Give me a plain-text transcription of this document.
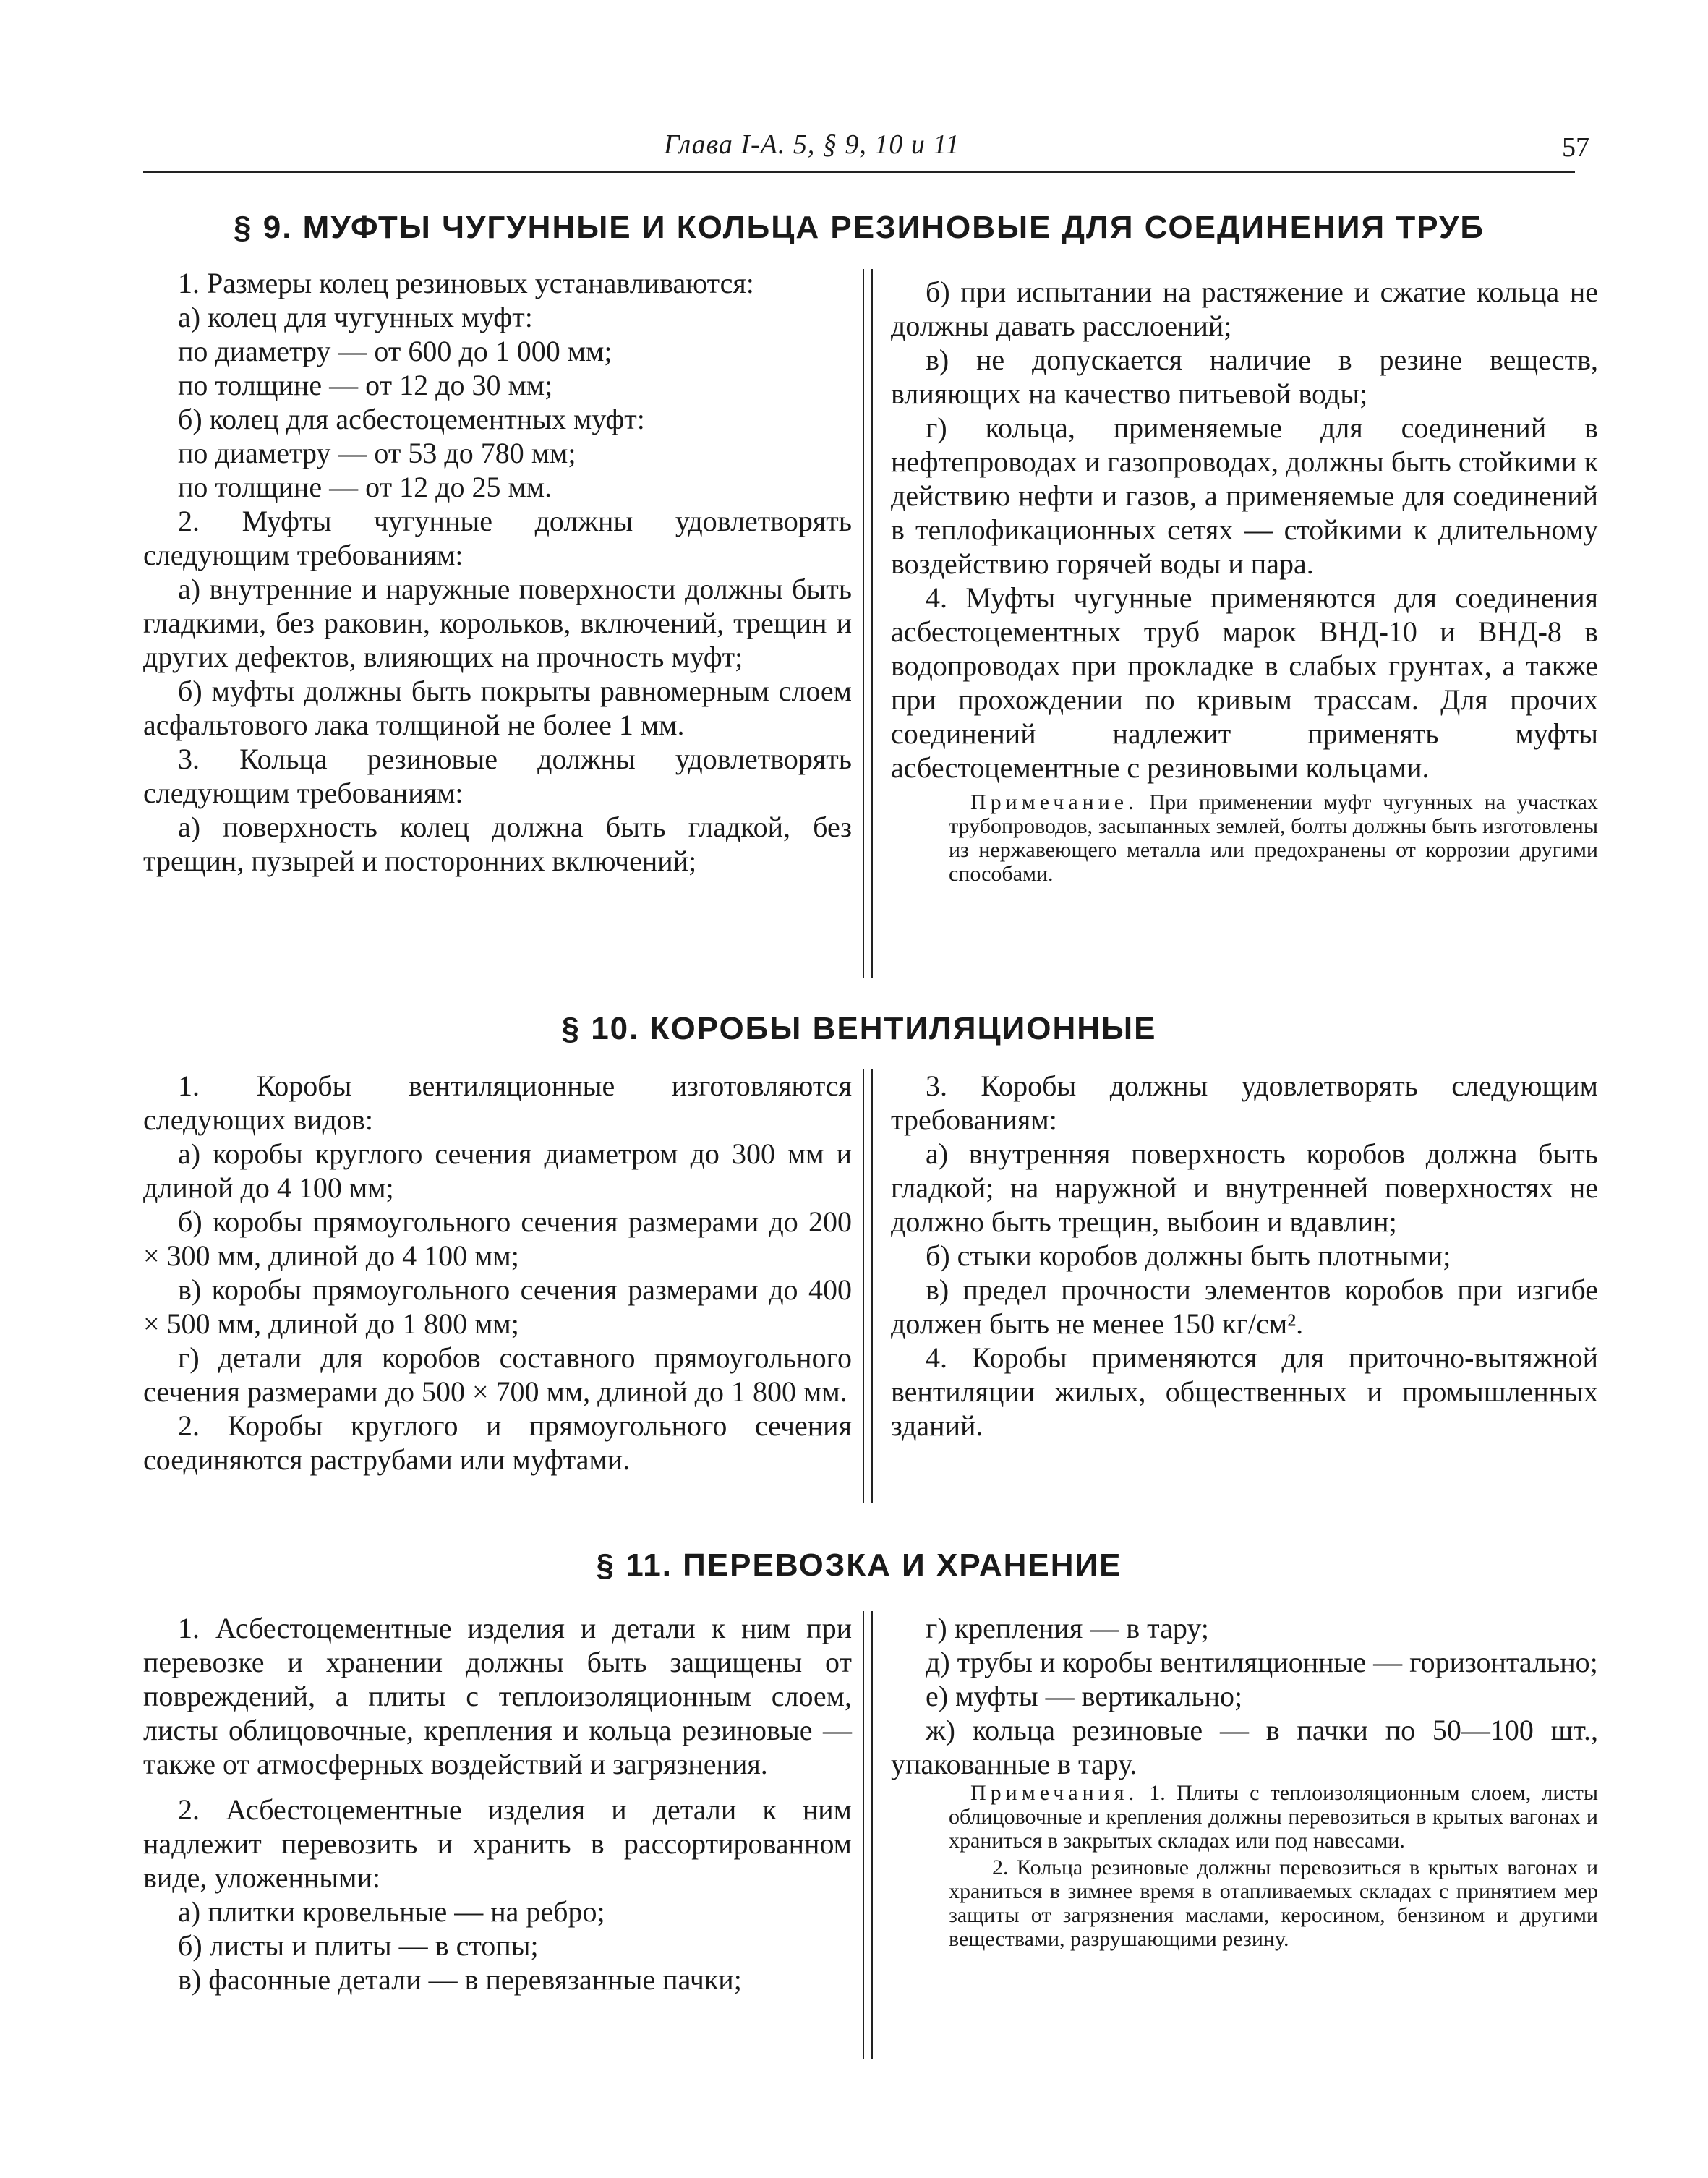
Глава I-А. 5, § 9, 10 и 11	57
§ 9. МУФТЫ ЧУГУННЫЕ И КОЛЬЦА РЕЗИНОВЫЕ ДЛЯ СОЕДИНЕНИЯ ТРУБ

1. Размеры колец резиновых устанавливаются:

а) колец для чугунных муфт:

по диаметру — от 600 до 1 000 мм;

по толщине — от 12 до 30 мм;

б) колец для асбестоцементных муфт:

по диаметру — от 53 до 780 мм;

по толщине — от 12 до 25 мм.

2. Муфты чугунные должны удовлетворять следующим требованиям:

а) внутренние и наружные поверхности должны быть гладкими, без раковин, корольков, включений, трещин и других дефектов, влияющих на прочность муфт;

б) муфты должны быть покрыты равномерным слоем асфальтового лака толщиной не более 1 мм.

3. Кольца резиновые должны удовлетворять следующим требованиям:

а) поверхность колец должна быть гладкой, без трещин, пузырей и посторонних включений;

б) при испытании на растяжение и сжатие кольца не должны давать расслоений;

в) не допускается наличие в резине веществ, влияющих на качество питьевой воды;

г) кольца, применяемые для соединений в нефтепроводах и газопроводах, должны быть стойкими к действию нефти и газов, а применяемые для соединений в теплофикационных сетях — стойкими к длительному воздействию горячей воды и пара.

4. Муфты чугунные применяются для соединения асбестоцементных труб марок ВНД-10 и ВНД-8 в водопроводах при прокладке в слабых грунтах, а также при прохождении по кривым трассам. Для прочих соединений надлежит применять муфты асбестоцементные с резиновыми кольцами.

Примечание. При применении муфт чугунных на участках трубопроводов, засыпанных землей, болты должны быть изготовлены из нержавеющего металла или предохранены от коррозии другими способами.

§ 10. КОРОБЫ ВЕНТИЛЯЦИОННЫЕ

1. Коробы вентиляционные изготовляются следующих видов:

а) коробы круглого сечения диаметром до 300 мм и длиной до 4 100 мм;

б) коробы прямоугольного сечения размерами до 200 × 300 мм, длиной до 4 100 мм;

в) коробы прямоугольного сечения размерами до 400 × 500 мм, длиной до 1 800 мм;

г) детали для коробов составного прямоугольного сечения размерами до 500 × 700 мм, длиной до 1 800 мм.

2. Коробы круглого и прямоугольного сечения соединяются раструбами или муфтами.

3. Коробы должны удовлетворять следующим требованиям:

а) внутренняя поверхность коробов должна быть гладкой; на наружной и внутренней поверхностях не должно быть трещин, выбоин и вдавлин;

б) стыки коробов должны быть плотными;

в) предел прочности элементов коробов при изгибе должен быть не менее 150 кг/см².

4. Коробы применяются для приточно-вытяжной вентиляции жилых, общественных и промышленных зданий.

§ 11. ПЕРЕВОЗКА И ХРАНЕНИЕ

1. Асбестоцементные изделия и детали к ним при перевозке и хранении должны быть защищены от повреждений, а плиты с теплоизоляционным слоем, листы облицовочные, крепления и кольца резиновые — также от атмосферных воздействий и загрязнения.

2. Асбестоцементные изделия и детали к ним надлежит перевозить и хранить в рассортированном виде, уложенными:

а) плитки кровельные — на ребро;

б) листы и плиты — в стопы;

в) фасонные детали — в перевязанные пачки;

г) крепления — в тару;

д) трубы и коробы вентиляционные — горизонтально;

е) муфты — вертикально;

ж) кольца резиновые — в пачки по 50—100 шт., упакованные в тару.

Примечания. 1. Плиты с теплоизоляционным слоем, листы облицовочные и крепления должны перевозиться в крытых вагонах и храниться в закрытых складах или под навесами.

2. Кольца резиновые должны перевозиться в крытых вагонах и храниться в зимнее время в отапливаемых складах с принятием мер защиты от загрязнения маслами, керосином, бензином и другими веществами, разрушающими резину.
